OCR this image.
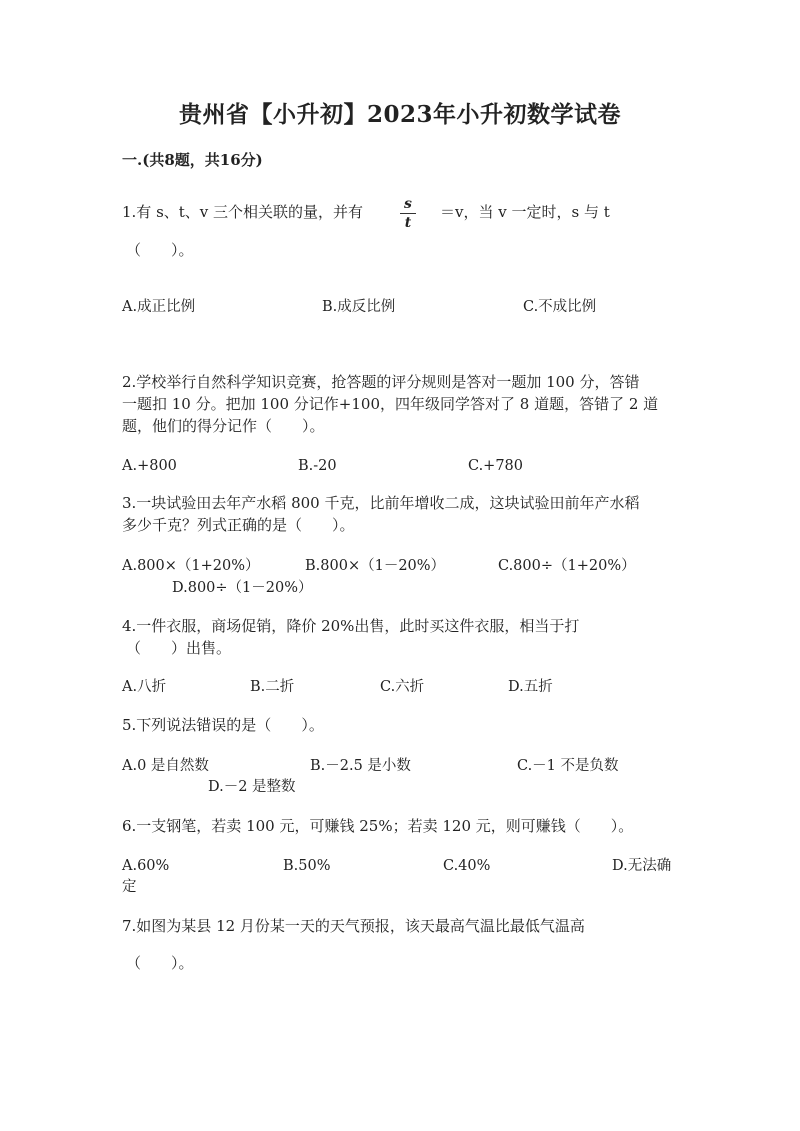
贵州省【小升初】2023年小升初数学试卷
一.(共8题，共16分)
1.有 s、t、v 三个相关联的量，并有	s
t
＝v，当 v 一定时，s 与 t
（　　）。
A.成正比例	B.成反比例	C.不成比例
2.学校举行自然科学知识竞赛，抢答题的评分规则是答对一题加 100 分，答错
一题扣 10 分。把加 100 分记作+100，四年级同学答对了 8 道题，答错了 2 道
题，他们的得分记作（　　）。
A.+800	B.-20	C.+780
3.一块试验田去年产水稻 800 千克，比前年增收二成，这块试验田前年产水稻
多少千克？列式正确的是（　　）。
A.800×（1+20%）	B.800×（1－20%）	C.800÷（1+20%）
D.800÷（1－20%）
4.一件衣服，商场促销，降价 20%出售，此时买这件衣服，相当于打
（　　）出售。
A.八折	B.二折	C.六折	D.五折
5.下列说法错误的是（　　）。
A.0 是自然数	B.－2.5 是小数	C.－1 不是负数
D.－2 是整数
6.一支钢笔，若卖 100 元，可赚钱 25%；若卖 120 元，则可赚钱（　　）。
A.60%	B.50%	C.40%	D.无法确
定
7.如图为某县 12 月份某一天的天气预报，该天最高气温比最低气温高
（　　）。
